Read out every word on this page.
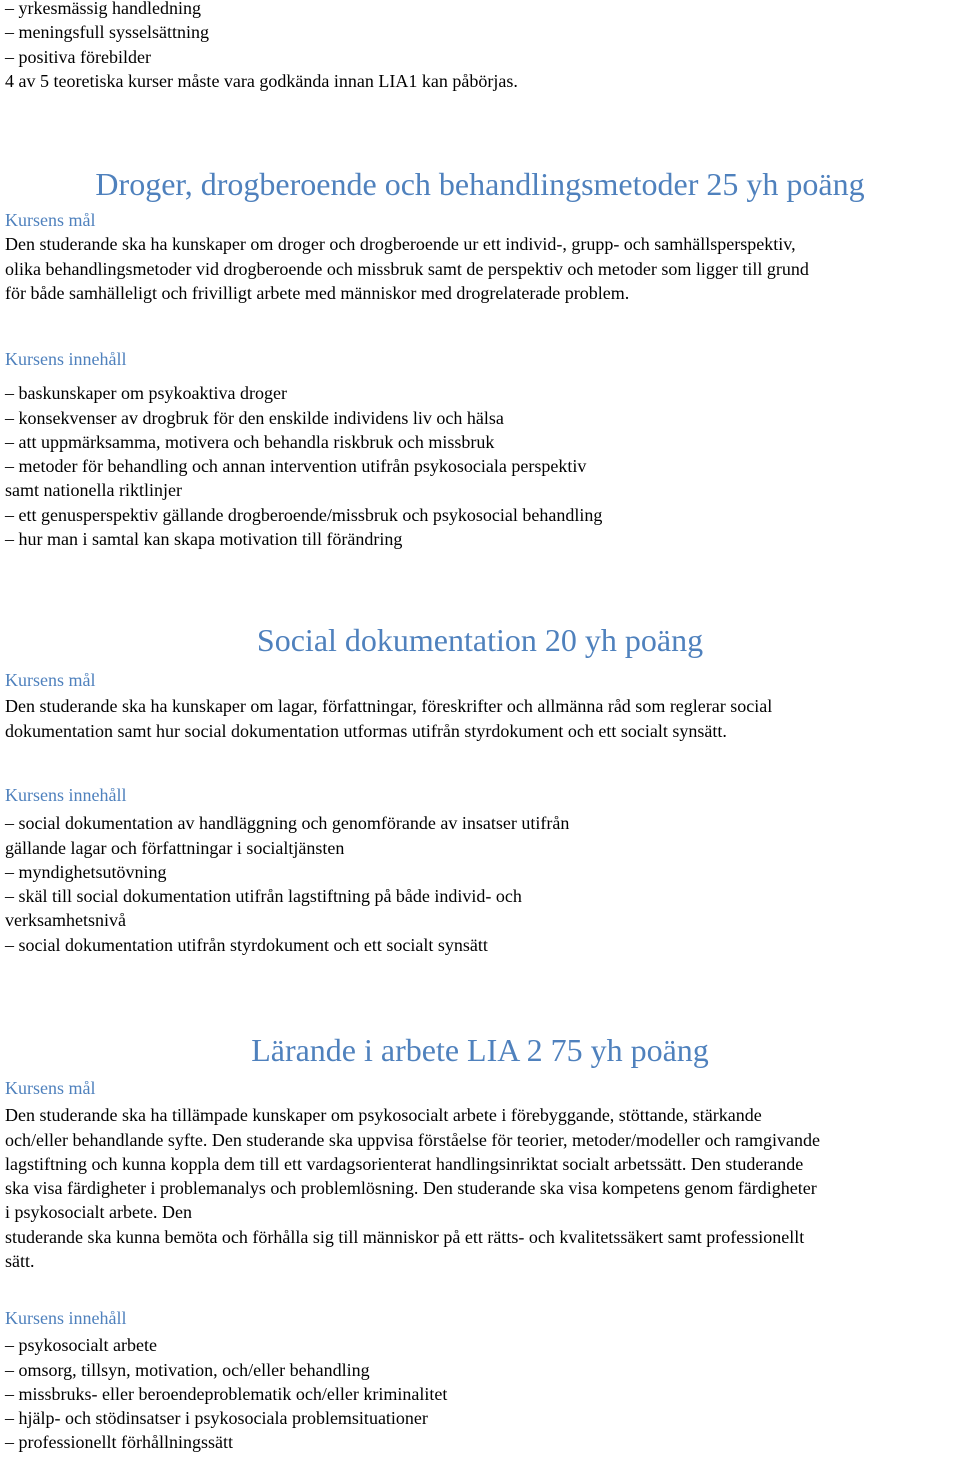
– yrkesmässig handledning
– meningsfull sysselsättning
– positiva förebilder
4 av 5 teoretiska kurser måste vara godkända innan LIA1 kan påbörjas.
Droger, drogberoende och behandlingsmetoder 25 yh poäng
Kursens mål
Den studerande ska ha kunskaper om droger och drogberoende ur ett individ-, grupp- och samhällsperspektiv,
olika behandlingsmetoder vid drogberoende och missbruk samt de perspektiv och metoder som ligger till grund
för både samhälleligt och frivilligt arbete med människor med drogrelaterade problem.
Kursens innehåll
– baskunskaper om psykoaktiva droger
– konsekvenser av drogbruk för den enskilde individens liv och hälsa
– att uppmärksamma, motivera och behandla riskbruk och missbruk
– metoder för behandling och annan intervention utifrån psykosociala perspektiv
samt nationella riktlinjer
– ett genusperspektiv gällande drogberoende/missbruk och psykosocial behandling
– hur man i samtal kan skapa motivation till förändring
Social dokumentation 20 yh poäng
Kursens mål
Den studerande ska ha kunskaper om lagar, författningar, föreskrifter och allmänna råd som reglerar social
dokumentation samt hur social dokumentation utformas utifrån styrdokument och ett socialt synsätt.
Kursens innehåll
– social dokumentation av handläggning och genomförande av insatser utifrån
gällande lagar och författningar i socialtjänsten
– myndighetsutövning
– skäl till social dokumentation utifrån lagstiftning på både individ- och
verksamhetsnivå
– social dokumentation utifrån styrdokument och ett socialt synsätt
Lärande i arbete LIA 2 75 yh poäng
Kursens mål
Den studerande ska ha tillämpade kunskaper om psykosocialt arbete i förebyggande, stöttande, stärkande
och/eller behandlande syfte. Den studerande ska uppvisa förståelse för teorier, metoder/modeller och ramgivande
lagstiftning och kunna koppla dem till ett vardagsorienterat handlingsinriktat socialt arbetssätt. Den studerande
ska visa färdigheter i problemanalys och problemlösning. Den studerande ska visa kompetens genom färdigheter
i psykosocialt arbete. Den
studerande ska kunna bemöta och förhålla sig till människor på ett rätts- och kvalitetssäkert samt professionellt
sätt.
Kursens innehåll
– psykosocialt arbete
– omsorg, tillsyn, motivation, och/eller behandling
– missbruks- eller beroendeproblematik och/eller kriminalitet
– hjälp- och stödinsatser i psykosociala problemsituationer
– professionellt förhållningssätt
